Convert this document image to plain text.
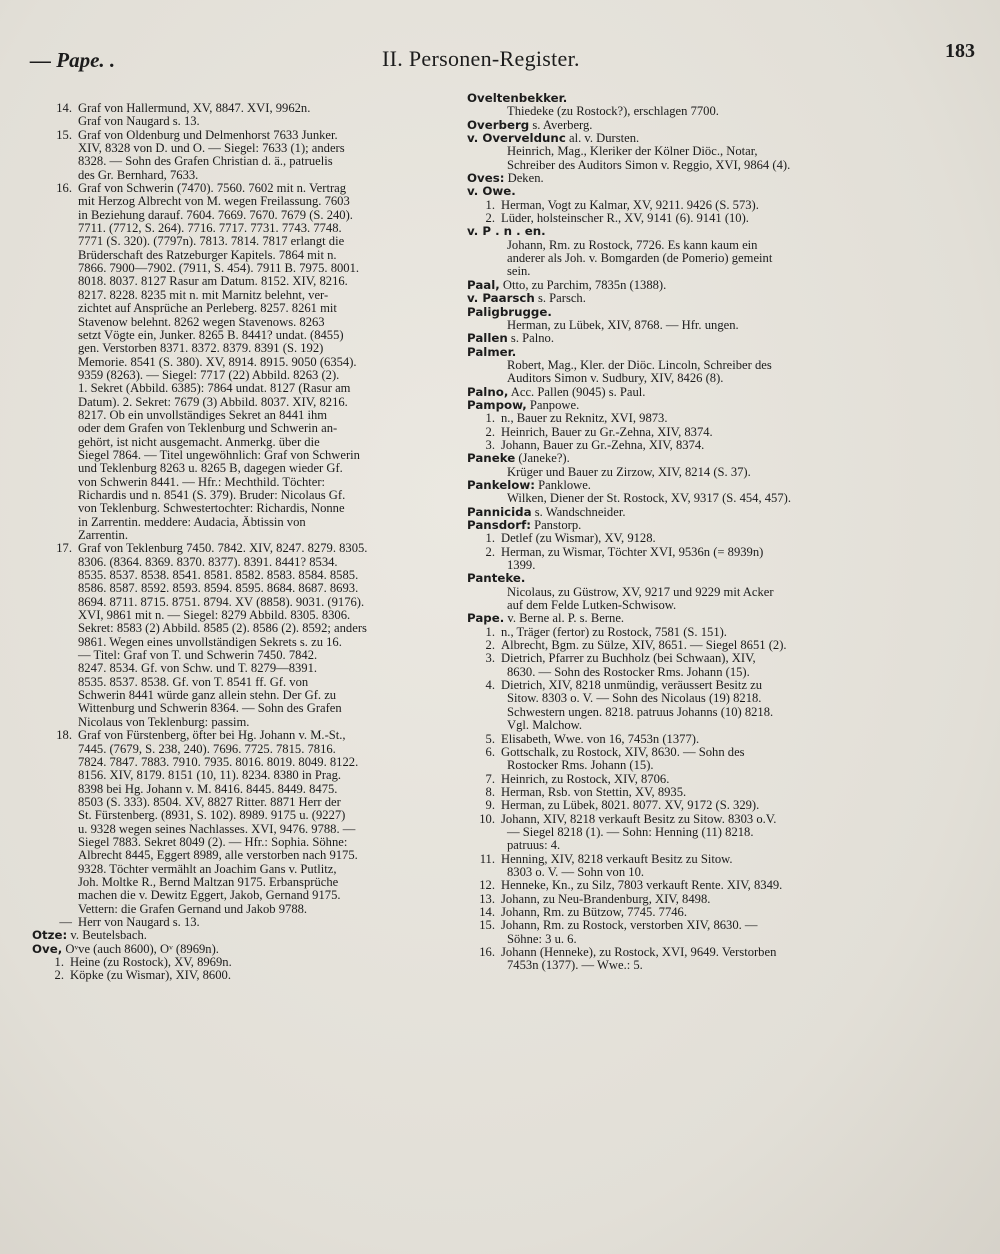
— Pape. .	II. Personen-Register.	183
14. Graf von Hallermund, XV, 8847. XVI, 9962n.
Graf von Naugard s. 13.
15. Graf von Oldenburg und Delmenhorst 7633 Junker.
XIV, 8328 von D. und O. — Siegel: 7633 (1); anders
8328. — Sohn des Grafen Christian d. ä., patruelis
des Gr. Bernhard, 7633.
16. Graf von Schwerin (7470). 7560. 7602 mit n. Vertrag
mit Herzog Albrecht von M. wegen Freilassung. 7603
in Beziehung darauf. 7604. 7669. 7670. 7679 (S. 240).
7711. (7712, S. 264). 7716. 7717. 7731. 7743. 7748.
7771 (S. 320). (7797n). 7813. 7814. 7817 erlangt die
Brüderschaft des Ratzeburger Kapitels. 7864 mit n.
7866. 7900—7902. (7911, S. 454). 7911 B. 7975. 8001.
8018. 8037. 8127 Rasur am Datum. 8152. XIV, 8216.
8217. 8228. 8235 mit n. mit Marnitz belehnt, ver-
zichtet auf Ansprüche an Perleberg. 8257. 8261 mit
Stavenow belehnt. 8262 wegen Stavenows. 8263
setzt Vögte ein, Junker. 8265 B. 8441? undat. (8455)
gen. Verstorben 8371. 8372. 8379. 8391 (S. 192)
Memorie. 8541 (S. 380). XV, 8914. 8915. 9050 (6354).
9359 (8263). — Siegel: 7717 (22) Abbild. 8263 (2).
1. Sekret (Abbild. 6385): 7864 undat. 8127 (Rasur am
Datum). 2. Sekret: 7679 (3) Abbild. 8037. XIV, 8216.
8217. Ob ein unvollständiges Sekret an 8441 ihm
oder dem Grafen von Teklenburg und Schwerin an-
gehört, ist nicht ausgemacht. Anmerkg. über die
Siegel 7864. — Titel ungewöhnlich: Graf von Schwerin
und Teklenburg 8263 u. 8265 B, dagegen wieder Gf.
von Schwerin 8441. — Hfr.: Mechthild. Töchter:
Richardis und n. 8541 (S. 379). Bruder: Nicolaus Gf.
von Teklenburg. Schwestertochter: Richardis, Nonne
in Zarrentin. meddere: Audacia, Äbtissin von
Zarrentin.
17. Graf von Teklenburg 7450. 7842. XIV, 8247. 8279. 8305.
8306. (8364. 8369. 8370. 8377). 8391. 8441? 8534.
8535. 8537. 8538. 8541. 8581. 8582. 8583. 8584. 8585.
8586. 8587. 8592. 8593. 8594. 8595. 8684. 8687. 8693.
8694. 8711. 8715. 8751. 8794. XV (8858). 9031. (9176).
XVI, 9861 mit n. — Siegel: 8279 Abbild. 8305. 8306.
Sekret: 8583 (2) Abbild. 8585 (2). 8586 (2). 8592; anders
9861. Wegen eines unvollständigen Sekrets s. zu 16.
— Titel: Graf von T. und Schwerin 7450. 7842.
8247. 8534. Gf. von Schw. und T. 8279—8391.
8535. 8537. 8538. Gf. von T. 8541 ff. Gf. von
Schwerin 8441 würde ganz allein stehn. Der Gf. zu
Wittenburg und Schwerin 8364. — Sohn des Grafen
Nicolaus von Teklenburg: passim.
18. Graf von Fürstenberg, öfter bei Hg. Johann v. M.-St.,
7445. (7679, S. 238, 240). 7696. 7725. 7815. 7816.
7824. 7847. 7883. 7910. 7935. 8016. 8019. 8049. 8122.
8156. XIV, 8179. 8151 (10, 11). 8234. 8380 in Prag.
8398 bei Hg. Johann v. M. 8416. 8445. 8449. 8475.
8503 (S. 333). 8504. XV, 8827 Ritter. 8871 Herr der
St. Fürstenberg. (8931, S. 102). 8989. 9175 u. (9227)
u. 9328 wegen seines Nachlasses. XVI, 9476. 9788. —
Siegel 7883. Sekret 8049 (2). — Hfr.: Sophia. Söhne:
Albrecht 8445, Eggert 8989, alle verstorben nach 9175.
9328. Töchter vermählt an Joachim Gans v. Putlitz,
Joh. Moltke R., Bernd Maltzan 9175. Erbansprüche
machen die v. Dewitz Eggert, Jakob, Gernand 9175.
Vettern: die Grafen Gernand und Jakob 9788.
— Herr von Naugard s. 13.
Otze: v. Beutelsbach.
Ove, Oᵛve (auch 8600), Oᵛ (8969n).
1. Heine (zu Rostock), XV, 8969n.
2. Köpke (zu Wismar), XIV, 8600.
Oveltenbekker.
Thiedeke (zu Rostock?), erschlagen 7700.
Overberg s. Averberg.
v. Overveldunc al. v. Dursten.
Heinrich, Mag., Kleriker der Kölner Diöc., Notar,
Schreiber des Auditors Simon v. Reggio, XVI, 9864 (4).
Oves: Deken.
v. Owe.
1. Herman, Vogt zu Kalmar, XV, 9211. 9426 (S. 573).
2. Lüder, holsteinscher R., XV, 9141 (6). 9141 (10).
v. P . n . en.
Johann, Rm. zu Rostock, 7726. Es kann kaum ein
anderer als Joh. v. Bomgarden (de Pomerio) gemeint
sein.
Paal, Otto, zu Parchim, 7835n (1388).
v. Paarsch s. Parsch.
Paligbrugge.
Herman, zu Lübek, XIV, 8768. — Hfr. ungen.
Pallen s. Palno.
Palmer.
Robert, Mag., Kler. der Diöc. Lincoln, Schreiber des
Auditors Simon v. Sudbury, XIV, 8426 (8).
Palno, Acc. Pallen (9045) s. Paul.
Pampow, Panpowe.
1. n., Bauer zu Reknitz, XVI, 9873.
2. Heinrich, Bauer zu Gr.-Zehna, XIV, 8374.
3. Johann, Bauer zu Gr.-Zehna, XIV, 8374.
Paneke (Janeke?).
Krüger und Bauer zu Zirzow, XIV, 8214 (S. 37).
Pankelow: Panklowe.
Wilken, Diener der St. Rostock, XV, 9317 (S. 454, 457).
Pannicida s. Wandschneider.
Pansdorf: Panstorp.
1. Detlef (zu Wismar), XV, 9128.
2. Herman, zu Wismar, Töchter XVI, 9536n (= 8939n)
1399.
Panteke.
Nicolaus, zu Güstrow, XV, 9217 und 9229 mit Acker
auf dem Felde Lutken-Schwisow.
Pape. v. Berne al. P. s. Berne.
1. n., Träger (fertor) zu Rostock, 7581 (S. 151).
2. Albrecht, Bgm. zu Sülze, XIV, 8651. — Siegel 8651 (2).
3. Dietrich, Pfarrer zu Buchholz (bei Schwaan), XIV,
8630. — Sohn des Rostocker Rms. Johann (15).
4. Dietrich, XIV, 8218 unmündig, veräussert Besitz zu
Sitow. 8303 o. V. — Sohn des Nicolaus (19) 8218.
Schwestern ungen. 8218. patruus Johanns (10) 8218.
Vgl. Malchow.
5. Elisabeth, Wwe. von 16, 7453n (1377).
6. Gottschalk, zu Rostock, XIV, 8630. — Sohn des
Rostocker Rms. Johann (15).
7. Heinrich, zu Rostock, XIV, 8706.
8. Herman, Rsb. von Stettin, XV, 8935.
9. Herman, zu Lübek, 8021. 8077. XV, 9172 (S. 329).
10. Johann, XIV, 8218 verkauft Besitz zu Sitow. 8303 o.V.
— Siegel 8218 (1). — Sohn: Henning (11) 8218.
patruus: 4.
11. Henning, XIV, 8218 verkauft Besitz zu Sitow.
8303 o. V. — Sohn von 10.
12. Henneke, Kn., zu Silz, 7803 verkauft Rente. XIV, 8349.
13. Johann, zu Neu-Brandenburg, XIV, 8498.
14. Johann, Rm. zu Bützow, 7745. 7746.
15. Johann, Rm. zu Rostock, verstorben XIV, 8630. —
Söhne: 3 u. 6.
16. Johann (Henneke), zu Rostock, XVI, 9649. Verstorben
7453n (1377). — Wwe.: 5.
